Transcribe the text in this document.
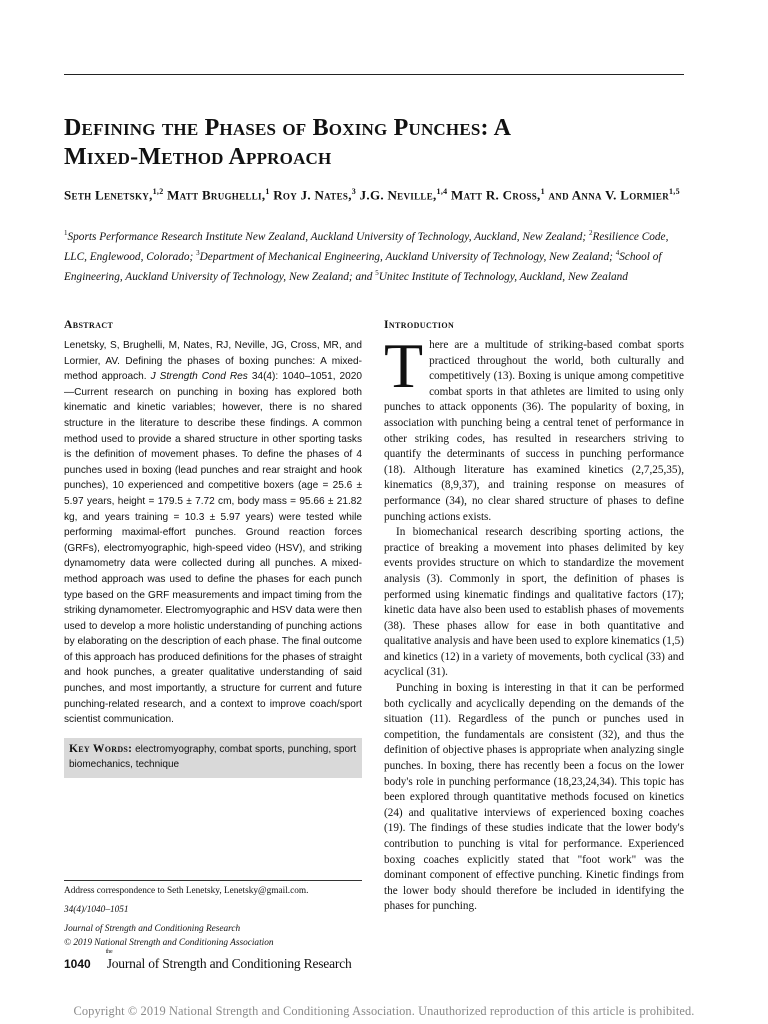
Defining the Phases of Boxing Punches: A
Mixed-Method Approach
Seth Lenetsky,$^{1,2}$ Matt Brughelli,$^1$ Roy J. Nates,$^3$ J.G. Neville,$^{1,4}$ Matt R. Cross,$^1$ and Anna V. Lormier$^{1,5}$
$^1$Sports Performance Research Institute New Zealand, Auckland University of Technology, Auckland, New Zealand; $^2$Resilience Code, LLC, Englewood, Colorado; $^3$Department of Mechanical Engineering, Auckland University of Technology, New Zealand; $^4$School of Engineering, Auckland University of Technology, New Zealand; and $^5$Unitec Institute of Technology, Auckland, New Zealand
Abstract

Lenetsky, S, Brughelli, M, Nates, RJ, Neville, JG, Cross, MR, and Lormier, AV. Defining the phases of boxing punches: A mixed-method approach. J Strength Cond Res 34(4): 1040–1051, 2020—Current research on punching in boxing has explored both kinematic and kinetic variables; however, there is no shared structure in the literature to describe these findings. A common method used to provide a shared structure in other sporting tasks is the definition of movement phases. To define the phases of 4 punches used in boxing (lead punches and rear straight and hook punches), 10 experienced and competitive boxers (age = 25.6 ± 5.97 years, height = 179.5 ± 7.72 cm, body mass = 95.66 ± 21.82 kg, and years training = 10.3 ± 5.97 years) were tested while performing maximal-effort punches. Ground reaction forces (GRFs), electromyographic, high-speed video (HSV), and striking dynamometry data were collected during all punches. A mixed-method approach was used to define the phases for each punch type based on the GRF measurements and impact timing from the striking dynamometer. Electromyographic and HSV data were then used to develop a more holistic understanding of punching actions by elaborating on the description of each phase. The final outcome of this approach has produced definitions for the phases of straight and hook punches, a greater qualitative understanding of said punches, and most importantly, a structure for current and future punching-related research, and a context to improve coach/sport scientist communication.

Key Words: electromyography, combat sports, punching, sport biomechanics, technique

Address correspondence to Seth Lenetsky, Lenetsky@gmail.com.

34(4)/1040–1051

Journal of Strength and Conditioning Research

© 2019 National Strength and Conditioning Association

Introduction

There are a multitude of striking-based combat sports practiced throughout the world, both culturally and competitively (13). Boxing is unique among competitive combat sports in that athletes are limited to using only punches to attack opponents (36). The popularity of boxing, in association with punching being a central tenet of performance in other striking codes, has resulted in researchers striving to quantify the determinants of success in punching performance (18). Although literature has examined kinetics (2,7,25,35), kinematics (8,9,37), and training response on measures of performance (34), no clear shared structure of phases to define punching actions exists.

In biomechanical research describing sporting actions, the practice of breaking a movement into phases delimited by key events provides structure on which to standardize the movement analysis (3). Commonly in sport, the definition of phases is performed using kinematic findings and qualitative factors (17); kinetic data have also been used to establish phases of movements (38). These phases allow for ease in both quantitative and qualitative analysis and have been used to explore kinematics (1,5) and kinetics (12) in a variety of movements, both cyclical (33) and acyclical (31).

Punching in boxing is interesting in that it can be performed both cyclically and acyclically depending on the demands of the situation (11). Regardless of the punch or punches used in competition, the fundamentals are consistent (32), and thus the definition of objective phases is appropriate when analyzing single punches. In boxing, there has recently been a focus on the lower body's role in punching performance (18,23,24,34). This topic has been explored through quantitative methods focused on kinetics (24) and qualitative interviews of experienced boxing coaches (19). The findings of these studies indicate that the lower body's contribution to punching is vital for performance. Experienced boxing coaches explicitly stated that "foot work" was the dominant component of effective punching. Kinetic findings from the lower body should therefore be included in identifying the phases for punching.

1040
the
Journal of Strength and Conditioning Research
Copyright © 2019 National Strength and Conditioning Association. Unauthorized reproduction of this article is prohibited.
